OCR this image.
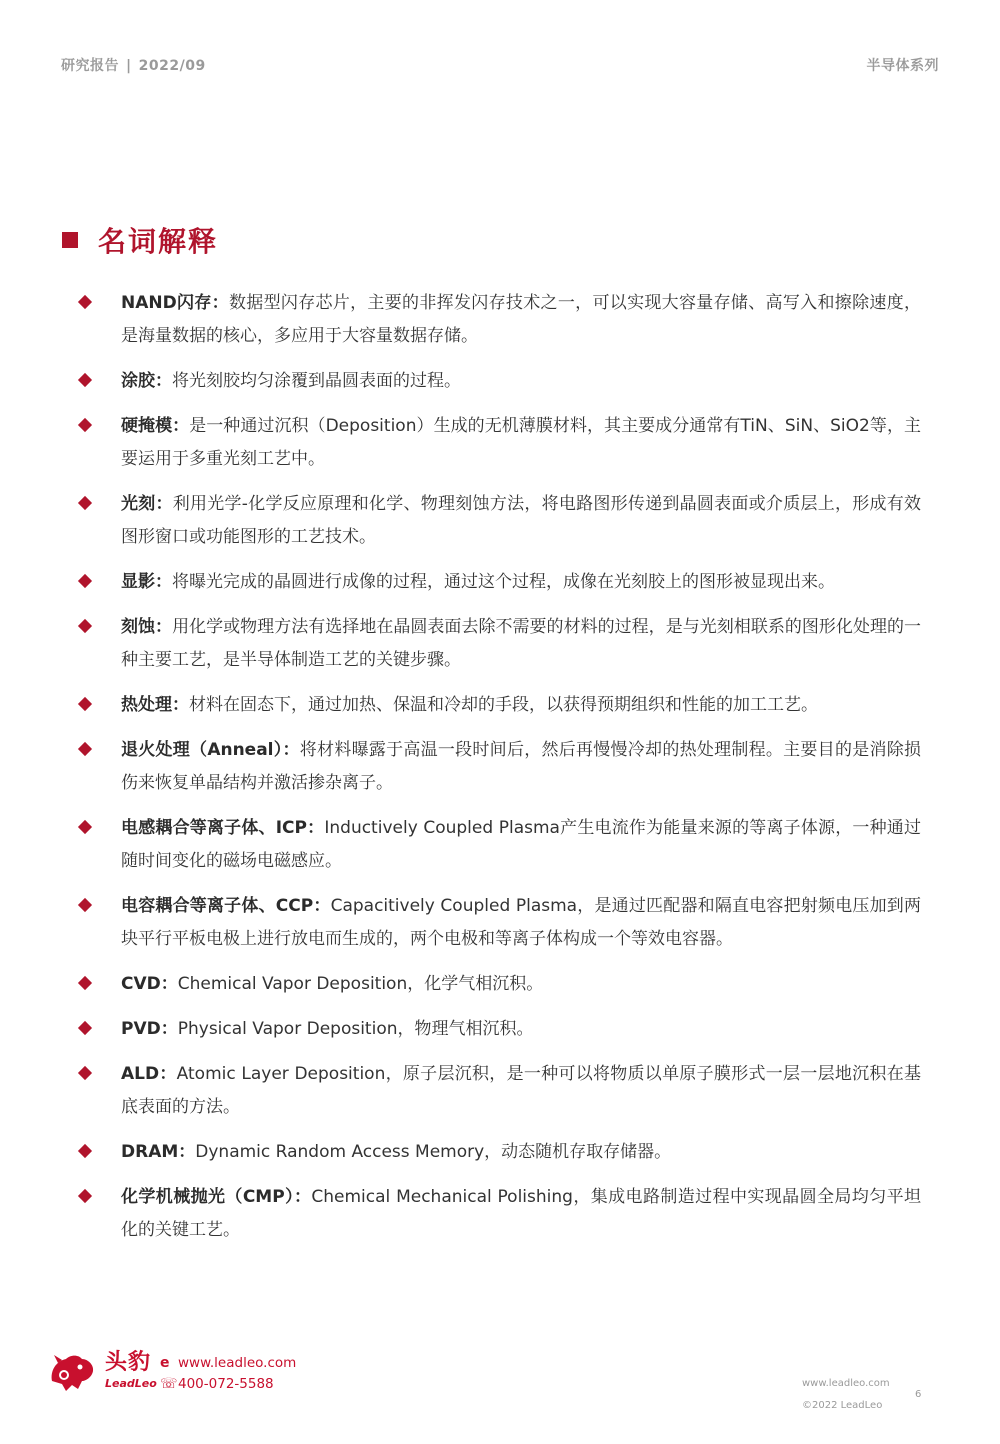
研究报告 | 2022/09	半导体系列
名词解释
NAND闪存：数据型闪存芯片，主要的非挥发闪存技术之一，可以实现大容量存储、高写入和擦除速度，是海量数据的核心，多应用于大容量数据存储。
涂胶：将光刻胶均匀涂覆到晶圆表面的过程。
硬掩模：是一种通过沉积（Deposition）生成的无机薄膜材料，其主要成分通常有TiN、SiN、SiO2等，主要运用于多重光刻工艺中。
光刻：利用光学-化学反应原理和化学、物理刻蚀方法，将电路图形传递到晶圆表面或介质层上，形成有效图形窗口或功能图形的工艺技术。
显影：将曝光完成的晶圆进行成像的过程，通过这个过程，成像在光刻胶上的图形被显现出来。
刻蚀：用化学或物理方法有选择地在晶圆表面去除不需要的材料的过程，是与光刻相联系的图形化处理的一种主要工艺，是半导体制造工艺的关键步骤。
热处理：材料在固态下，通过加热、保温和冷却的手段，以获得预期组织和性能的加工工艺。
退火处理（Anneal）：将材料曝露于高温一段时间后，然后再慢慢冷却的热处理制程。主要目的是消除损伤来恢复单晶结构并激活掺杂离子。
电感耦合等离子体、ICP：Inductively Coupled Plasma产生电流作为能量来源的等离子体源，一种通过随时间变化的磁场电磁感应。
电容耦合等离子体、CCP：Capacitively Coupled Plasma，是通过匹配器和隔直电容把射频电压加到两块平行平板电极上进行放电而生成的，两个电极和等离子体构成一个等效电容器。
CVD：Chemical Vapor Deposition，化学气相沉积。
PVD：Physical Vapor Deposition，物理气相沉积。
ALD：Atomic Layer Deposition，原子层沉积，是一种可以将物质以单原子膜形式一层一层地沉积在基底表面的方法。
DRAM：Dynamic Random Access Memory，动态随机存取存储器。
化学机械抛光（CMP）：Chemical Mechanical Polishing，集成电路制造过程中实现晶圆全局均匀平坦化的关键工艺。
头豹
LeadLeo
e www.leadleo.com
☏ 400-072-5588	www.leadleo.com
©2022 LeadLeo
6
